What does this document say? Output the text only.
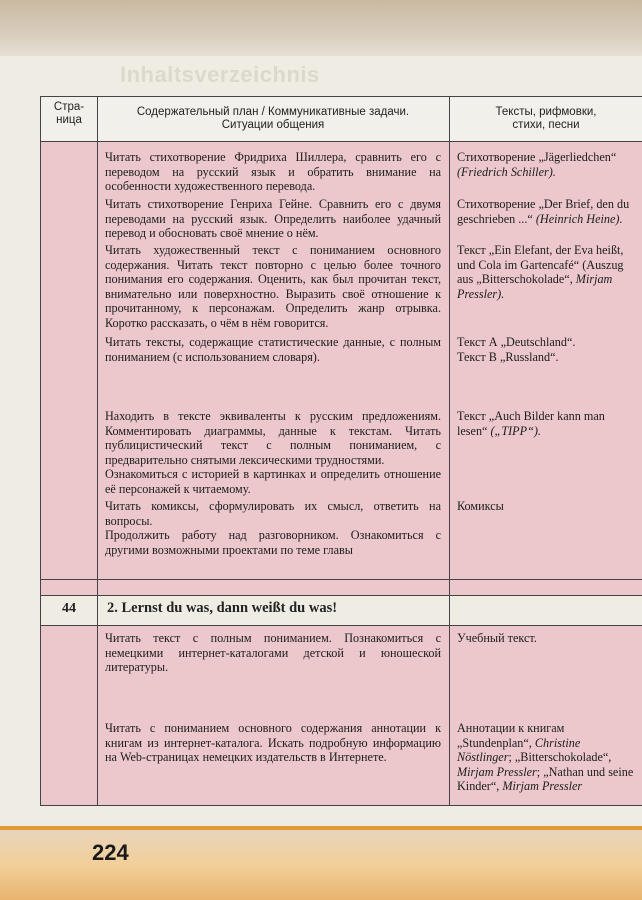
Inhaltsverzeichnis
Стра-ница
Содержательный план / Коммуникативные задачи.
Ситуации общения
Тексты, рифмовки,
стихи, песни
44	2. Lernst du was, dann weißt du was!

Читать стихотворение Фридриха Шиллера, сравнить его с переводом на русский язык и обратить внимание на особенности художественного перевода.

Стихотворение „Jägerliedchen“ (Friedrich Schiller).

Читать стихотворение Генриха Гейне. Сравнить его с двумя переводами на русский язык. Определить наиболее удачный перевод и обосновать своё мнение о нём.

Стихотворение „Der Brief, den du geschrieben ...“ (Heinrich Heine).

Читать художественный текст с пониманием основного содержания. Читать текст повторно с целью более точного понимания его содержания. Оценить, как был прочитан текст, внимательно или поверхностно. Выразить своё отношение к прочитанному, к персонажам. Определить жанр отрывка. Коротко рассказать, о чём в нём говорится.

Текст „Ein Elefant, der Eva heißt, und Cola im Gartencafé“ (Auszug aus „Bitterschokolade“, Mirjam Pressler).

Читать тексты, содержащие статистические данные, с полным пониманием (с использованием словаря).

Текст А „Deutschland“.
Текст В „Russland“.

Находить в тексте эквиваленты к русским предложениям. Комментировать диаграммы, данные к текстам. Читать публицистический текст с полным пониманием, с предварительно снятыми лексическими трудностями.

Ознакомиться с историей в картинках и определить отношение её персонажей к читаемому.

Текст „Auch Bilder kann man lesen“ („TIPP“).

Читать комиксы, сформулировать их смысл, ответить на вопросы.

Продолжить работу над разговорником. Ознакомиться с другими возможными проектами по теме главы

Комиксы

Читать текст с полным пониманием. Познакомиться с немецкими интернет-каталогами детской и юношеской литературы.

Учебный текст.

Читать с пониманием основного содержания аннотации к книгам из интернет-каталога. Искать подробную информацию на Web-страницах немецких издательств в Интернете.

Аннотации к книгам „Stundenplan“, Christine Nöstlinger; „Bitterschokolade“, Mirjam Pressler; „Nathan und seine Kinder“, Mirjam Pressler
224
